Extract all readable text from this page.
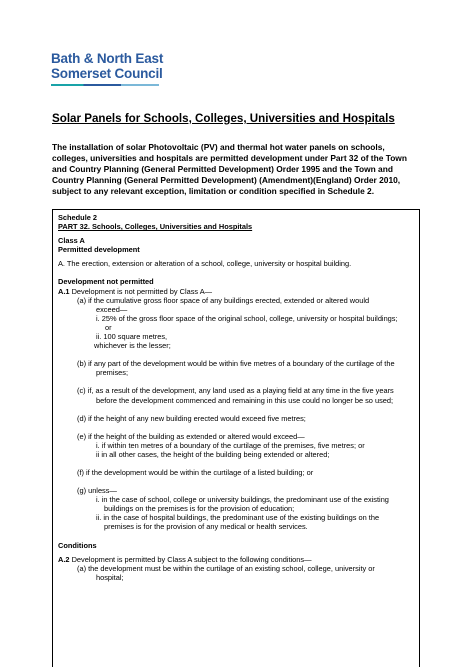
Bath & North East
Somerset Council
Solar Panels for Schools, Colleges, Universities and Hospitals
The installation of solar Photovoltaic (PV) and thermal hot water panels on schools, colleges, universities and hospitals are permitted development under Part 32 of the Town and Country Planning (General Permitted Development) Order 1995 and the Town and Country Planning (General Permitted Development) (Amendment)(England) Order 2010, subject to any relevant exception, limitation or condition specified in Schedule 2.

Schedule 2

PART 32. Schools, Colleges, Universities and Hospitals

Class A

Permitted development

A. The erection, extension or alteration of a school, college, university or hospital building.

Development not permitted

A.1 Development is not permitted by Class A—

(a) if the cumulative gross floor space of any buildings erected, extended or altered would

exceed—

i. 25% of the gross floor space of the original school, college, university or hospital buildings;

or

ii. 100 square metres,

whichever is the lesser;

(b) if any part of the development would be within five metres of a boundary of the curtilage of the

premises;

(c) if, as a result of the development, any land used as a playing field at any time in the five years

before the development commenced and remaining in this use could no longer be so used;

(d) if the height of any new building erected would exceed five metres;

(e) if the height of the building as extended or altered would exceed—

i. if within ten metres of a boundary of the curtilage of the premises, five metres; or

ii in all other cases, the height of the building being extended or altered;

(f) if the development would be within the curtilage of a listed building; or

(g) unless—

i. in the case of school, college or university buildings, the predominant use of the existing

buildings on the premises is for the provision of education;

ii. in the case of hospital buildings, the predominant use of the existing buildings on the

premises is for the provision of any medical or health services.

Conditions

A.2 Development is permitted by Class A subject to the following conditions—

(a) the development must be within the curtilage of an existing school, college, university or

hospital;
